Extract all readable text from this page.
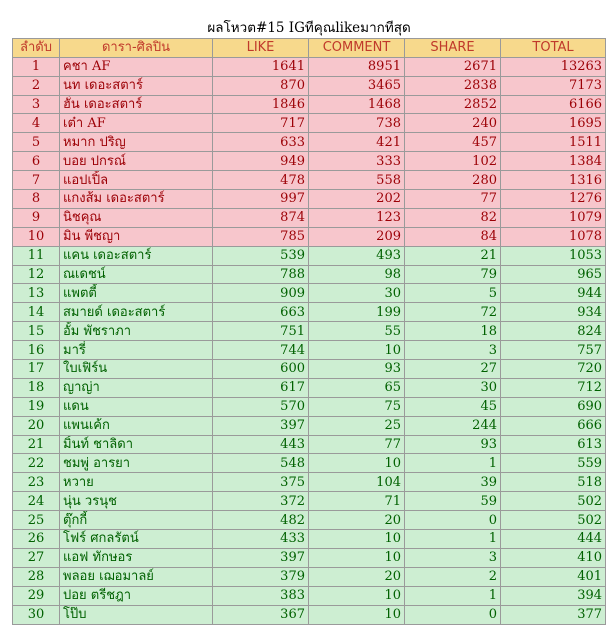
ผลโหวต#15 IGที่คุณlikeมากที่สุด					
ลำดับ	ดารา-ศิลปิน	LIKE	COMMENT	SHARE	TOTAL
1	คชา AF	1641	8951	2671	13263
2	นท เดอะสตาร์	870	3465	2838	7173
3	ฮั่น เดอะสตาร์	1846	1468	2852	6166
4	เต๋า AF	717	738	240	1695
5	หมาก ปริญ	633	421	457	1511
6	บอย ปกรณ์	949	333	102	1384
7	แอปเปิ้ล	478	558	280	1316
8	แกงส้ม เดอะสตาร์	997	202	77	1276
9	นิชคุณ	874	123	82	1079
10	มิน พีชญา	785	209	84	1078
11	แคน เดอะสตาร์	539	493	21	1053
12	ณเดชน์	788	98	79	965
13	แพตตี้	909	30	5	944
14	สมายด์ เดอะสตาร์	663	199	72	934
15	อั้ม พัชราภา	751	55	18	824
16	มารี่	744	10	3	757
17	ใบเฟิร์น	600	93	27	720
18	ญาญ่า	617	65	30	712
19	แดน	570	75	45	690
20	แพนเค้ก	397	25	244	666
21	มิ้นท์ ชาลิดา	443	77	93	613
22	ชมพู่ อารยา	548	10	1	559
23	หวาย	375	104	39	518
24	นุ่น วรนุช	372	71	59	502
25	ตุ๊กกี้	482	20	0	502
26	โฟร์ ศกลรัตน์	433	10	1	444
27	แอฟ ทักษอร	397	10	3	410
28	พลอย เฌอมาลย์	379	20	2	401
29	ปอย ตรีชฎา	383	10	1	394
30	โป๊บ	367	10	0	377
